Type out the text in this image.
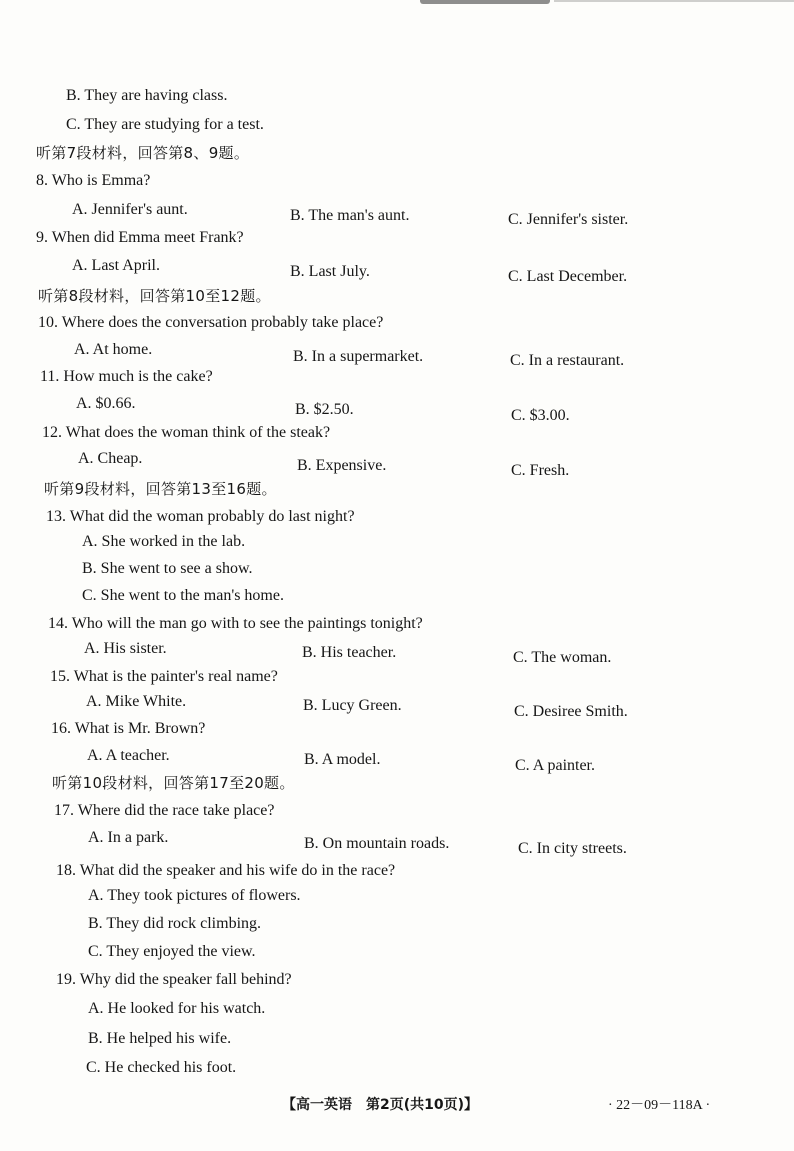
B. They are having class.
C. They are studying for a test.
听第7段材料，回答第8、9题。
8. Who is Emma?
A. Jennifer's aunt.	B. The man's aunt.	C. Jennifer's sister.
9. When did Emma meet Frank?
A. Last April.	B. Last July.	C. Last December.
听第8段材料，回答第10至12题。
10. Where does the conversation probably take place?
A. At home.	B. In a supermarket.	C. In a restaurant.
11. How much is the cake?
A. $0.66.	B. $2.50.	C. $3.00.
12. What does the woman think of the steak?
A. Cheap.	B. Expensive.	C. Fresh.
听第9段材料，回答第13至16题。
13. What did the woman probably do last night?
A. She worked in the lab.
B. She went to see a show.
C. She went to the man's home.
14. Who will the man go with to see the paintings tonight?
A. His sister.	B. His teacher.	C. The woman.
15. What is the painter's real name?
A. Mike White.	B. Lucy Green.	C. Desiree Smith.
16. What is Mr. Brown?
A. A teacher.	B. A model.	C. A painter.
听第10段材料，回答第17至20题。
17. Where did the race take place?
A. In a park.	B. On mountain roads.	C. In city streets.
18. What did the speaker and his wife do in the race?
A. They took pictures of flowers.
B. They did rock climbing.
C. They enjoyed the view.
19. Why did the speaker fall behind?
A. He looked for his watch.
B. He helped his wife.
C. He checked his foot.
【高一英语　第2页(共10页)】	· 22－09－118A ·
